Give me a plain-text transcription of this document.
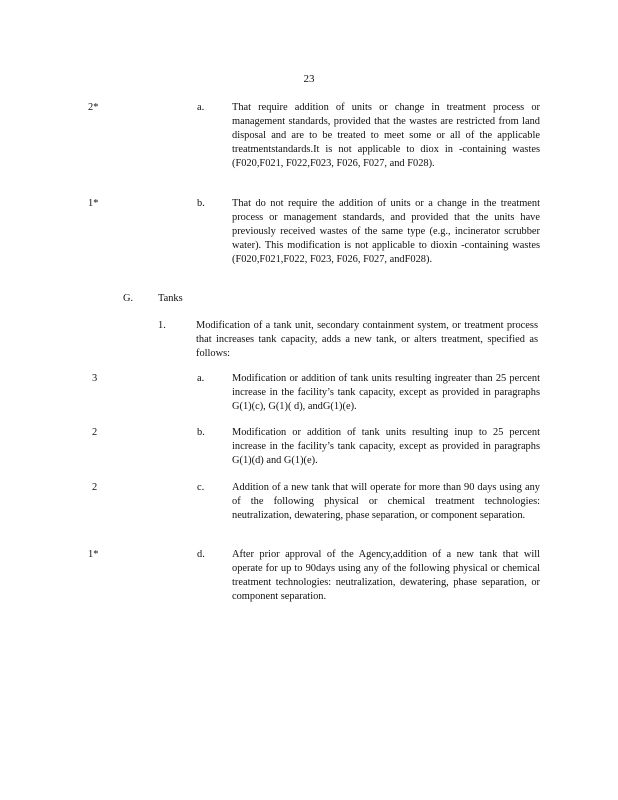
23
2*	a.	That require addition of units or change in treatment process or management standards, provided that the wastes are restricted from land disposal and are to be treated to meet some or all of the applicable treatmentstandards.It is not applicable to diox in -containing wastes (F020,F021, F022,F023, F026, F027, and F028).
1*	b.	That do not require the addition of units or a change in the treatment process or management standards, and provided that the units have previously received wastes of the same type (e.g., incinerator scrubber water). This modification is not applicable to dioxin -containing wastes (F020,F021,F022, F023, F026, F027, andF028).
G. Tanks
1.	Modification of a tank unit, secondary containment system, or treatment process that increases tank capacity, adds a new tank, or alters treatment, specified as follows:
3	a.	Modification or addition of tank units resulting ingreater than 25 percent increase in the facility’s tank capacity, except as provided in paragraphs G(1)(c), G(1)( d), andG(1)(e).
2	b.	Modification or addition of tank units resulting inup to 25 percent increase in the facility’s tank capacity, except as provided in paragraphs G(1)(d) and G(1)(e).
2	c.	Addition of a new tank that will operate for more than 90 days using any of the following physical or chemical treatment technologies: neutralization, dewatering, phase separation, or component separation.
1*	d.	After prior approval of the Agency,addition of a new tank that will operate for up to 90days using any of the following physical or chemical treatment technologies: neutralization, dewatering, phase separation, or component separation.
